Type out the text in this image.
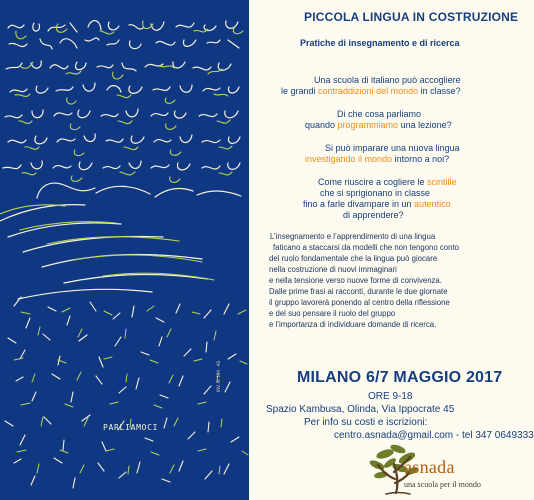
PARLIAMOCI
INV. N. 190 · AS-
PICCOLA LINGUA IN COSTRUZIONE
Pratiche di insegnamento e di ricerca

Una scuola di italiano può accogliere

le grandi contraddizioni del mondo in classe?

Di che cosa parliamo

quando programmiamo una lezione?

Si può imparare una nuova lingua

investigando il mondo intorno a noi?

Come riuscire a cogliere le scintille

che si sprigionano in classe

fino a farle divampare in un autentico

di apprendere?

L’insegnamento e l’apprendimento di una lingua

faticano a staccarsi da modelli che non tengono conto

del ruolo fondamentale che la lingua può giocare

nella costruzione di nuovi immaginari

e nella tensione verso nuove forme di convivenza.

Dalle prime frasi ai racconti, durante le due giornate

il gruppo lavorerà ponendo al centro della riflessione

e del suo pensare il ruolo del gruppo

e l’importanza di individuare domande di ricerca.

MILANO 6/7 MAGGIO 2017

ORE 9-18

Spazio Kambusa, Olinda, Via Ippocrate 45

Per info su costi e iscrizioni:

centro.asnada@gmail.com - tel 347 0649333

asnada
una scuola per il mondo
